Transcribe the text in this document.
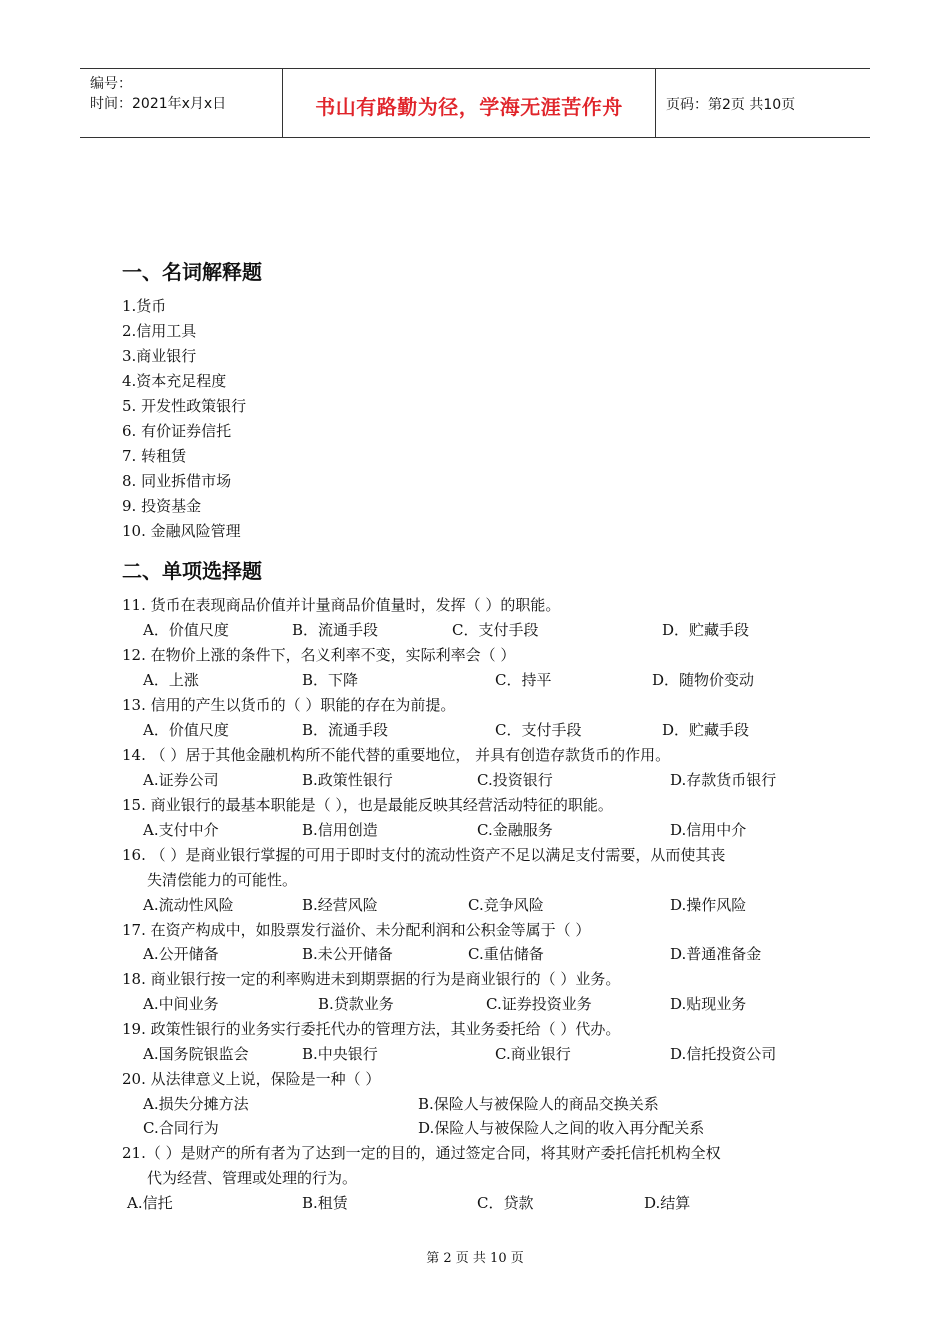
编号：
时间：2021年x月x日	书山有路勤为径，学海无涯苦作舟	页码：第2页 共10页
一、名词解释题
1.货币
2.信用工具
3.商业银行
4.资本充足程度
5. 开发性政策银行
6. 有价证券信托
7. 转租赁
8. 同业拆借市场
9. 投资基金
10. 金融风险管理
二、单项选择题
11. 货币在表现商品价值并计量商品价值量时，发挥（ ）的职能。
A．价值尺度	B．流通手段	C．支付手段	D．贮藏手段
12. 在物价上涨的条件下，名义利率不变，实际利率会（ ）
A．上涨	B．下降	C．持平	D．随物价变动
13. 信用的产生以货币的（ ）职能的存在为前提。
A．价值尺度	B．流通手段	C．支付手段	D．贮藏手段
14. （ ）居于其他金融机构所不能代替的重要地位， 并具有创造存款货币的作用。
A.证券公司	B.政策性银行	C.投资银行	D.存款货币银行
15. 商业银行的最基本职能是（ ），也是最能反映其经营活动特征的职能。
A.支付中介	B.信用创造	C.金融服务	D.信用中介
16. （ ）是商业银行掌握的可用于即时支付的流动性资产不足以满足支付需要，从而使其丧
失清偿能力的可能性。
A.流动性风险	B.经营风险	C.竞争风险	D.操作风险
17. 在资产构成中，如股票发行溢价、未分配利润和公积金等属于（ ）
A.公开储备	B.未公开储备	C.重估储备	D.普通准备金
18. 商业银行按一定的利率购进未到期票据的行为是商业银行的（ ）业务。
A.中间业务	B.贷款业务	C.证券投资业务	D.贴现业务
19. 政策性银行的业务实行委托代办的管理方法，其业务委托给（ ）代办。
A.国务院银监会	B.中央银行	C.商业银行	D.信托投资公司
20. 从法律意义上说，保险是一种（ ）
A.损失分摊方法	B.保险人与被保险人的商品交换关系
C.合同行为	D.保险人与被保险人之间的收入再分配关系
21.（ ）是财产的所有者为了达到一定的目的，通过签定合同，将其财产委托信托机构全权
代为经营、管理或处理的行为。
A.信托	B.租赁	C．贷款	D.结算
第 2 页 共 10 页
